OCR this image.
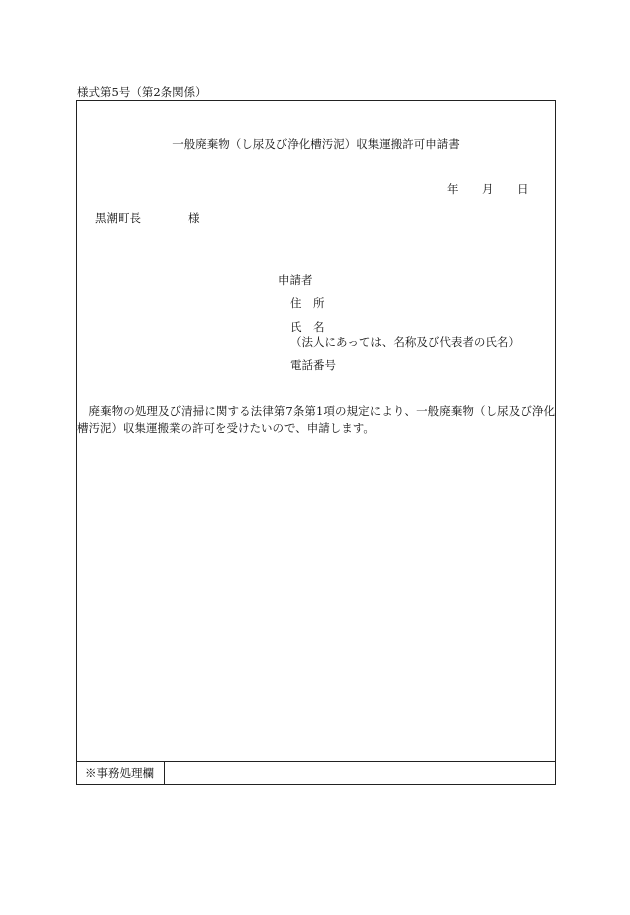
様式第5号（第2条関係）
一般廃棄物（し尿及び浄化槽汚泥）収集運搬許可申請書
年 月 日
黒潮町長	様
申請者
住　所
氏　名
（法人にあっては、名称及び代表者の氏名）
電話番号
廃棄物の処理及び清掃に関する法律第7条第1項の規定により、一般廃棄物（し尿及び浄化槽汚泥）収集運搬業の許可を受けたいので、申請します。
※事務処理欄
